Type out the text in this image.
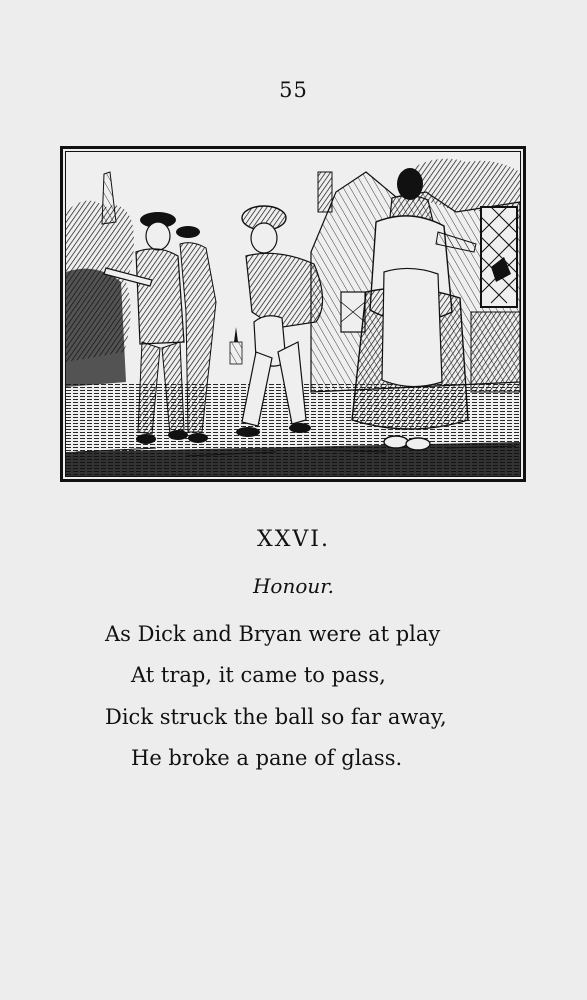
55
XXVI.
Honour.
As Dick and Bryan were at play
At trap, it came to pass,
Dick struck the ball so far away,
He broke a pane of glass.
